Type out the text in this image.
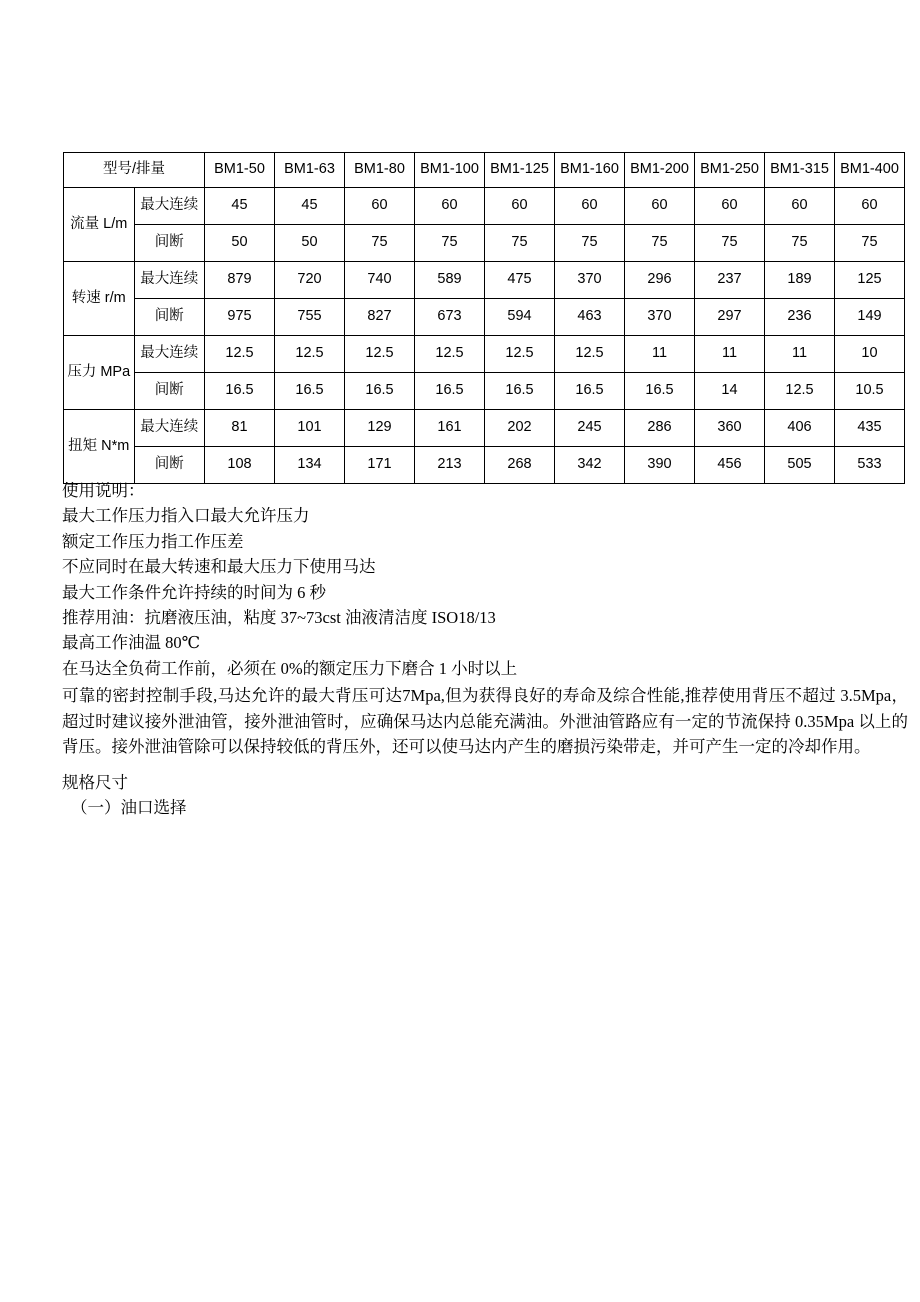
型号/排量		BM1-50	BM1-63	BM1-80	BM1-100	BM1-125	BM1-160	BM1-200	BM1-250	BM1-315	BM1-400
流量 L/m	最大连续	45	45	60	60	60	60	60	60	60	60
	间断	50	50	75	75	75	75	75	75	75	75
转速 r/m	最大连续	879	720	740	589	475	370	296	237	189	125
	间断	975	755	827	673	594	463	370	297	236	149
压力 MPa	最大连续	12.5	12.5	12.5	12.5	12.5	12.5	11	11	11	10
	间断	16.5	16.5	16.5	16.5	16.5	16.5	16.5	14	12.5	10.5
扭矩 N*m	最大连续	81	101	129	161	202	245	286	360	406	435
	间断	108	134	171	213	268	342	390	456	505	533
使用说明：
最大工作压力指入口最大允许压力
额定工作压力指工作压差
不应同时在最大转速和最大压力下使用马达
最大工作条件允许持续的时间为 6 秒
推荐用油：抗磨液压油，粘度 37~73cst 油液清洁度 ISO18/13
最高工作油温 80℃
在马达全负荷工作前，必须在 0%的额定压力下磨合 1 小时以上
可靠的密封控制手段,马达允许的最大背压可达7Mpa,但为获得良好的寿命及综合性能,推荐使用背压不超过 3.5Mpa，超过时建议接外泄油管，接外泄油管时，应确保马达内总能充满油。外泄油管路应有一定的节流保持 0.35Mpa 以上的背压。接外泄油管除可以保持较低的背压外，还可以使马达内产生的磨损污染带走，并可产生一定的冷却作用。
规格尺寸
（一）油口选择
